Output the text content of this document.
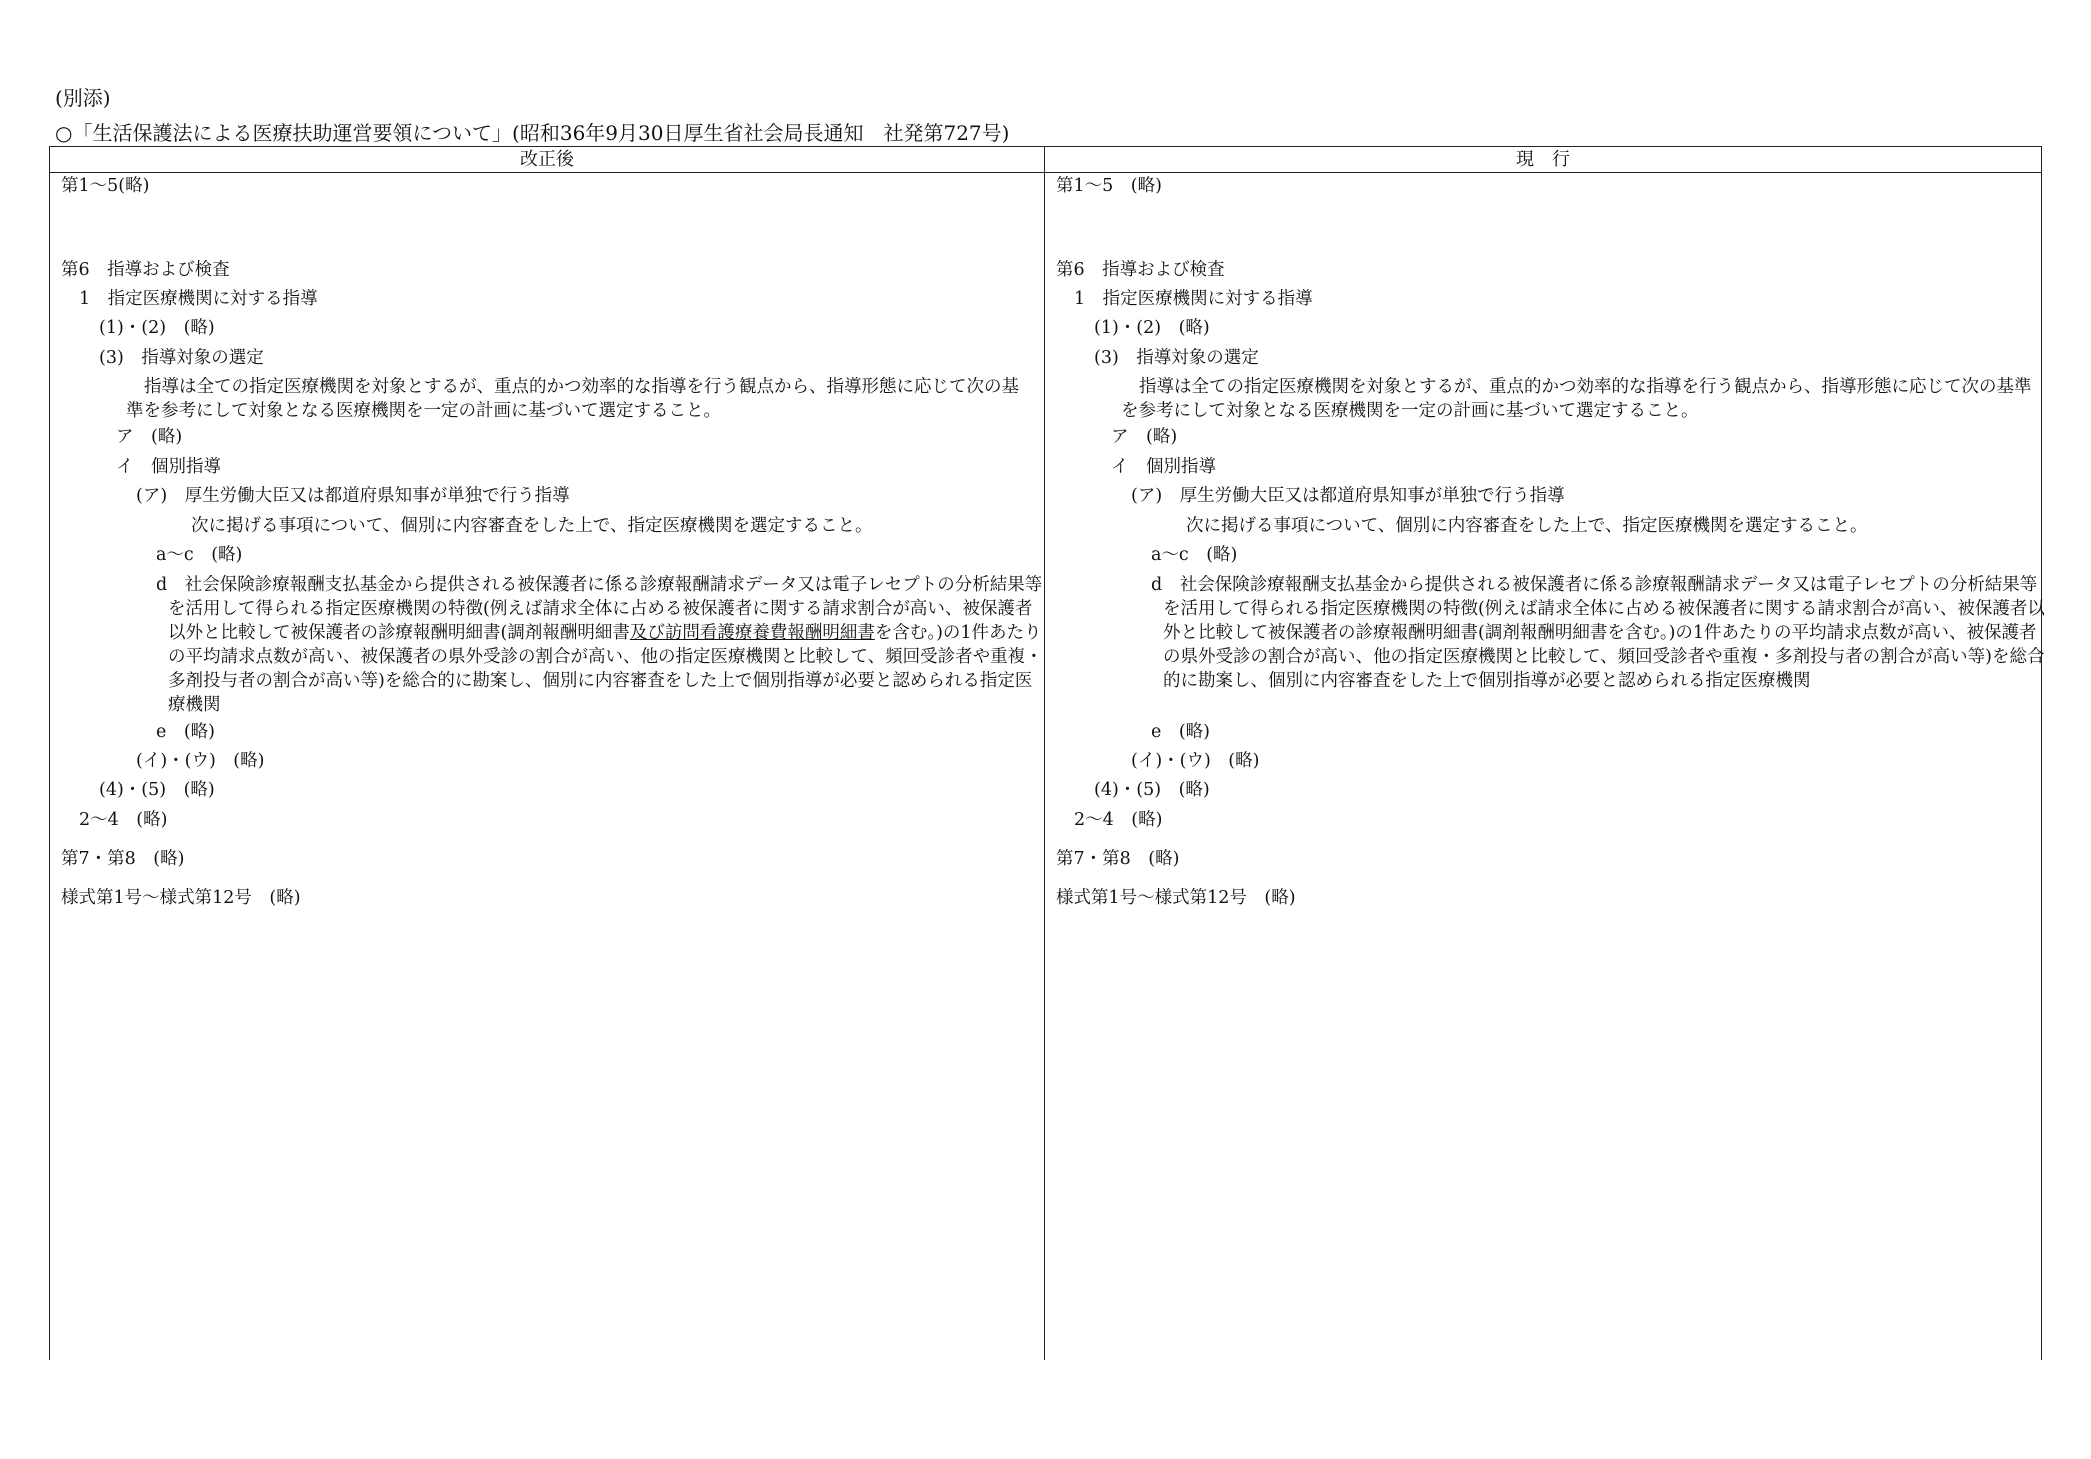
(別添)
○「生活保護法による医療扶助運営要領について」(昭和36年9月30日厚生省社会局長通知　社発第727号)
改正後	現　行
第1～5(略)
第6　指導および検査
1　指定医療機関に対する指導
(1)・(2)　(略)
(3)　指導対象の選定
指導は全ての指定医療機関を対象とするが、重点的かつ効率的な指導を行う観点から、指導形態に応じて次の基準を参考にして対象となる医療機関を一定の計画に基づいて選定すること。
ア　(略)
イ　個別指導
(ア)　厚生労働大臣又は都道府県知事が単独で行う指導
次に掲げる事項について、個別に内容審査をした上で、指定医療機関を選定すること。
a～c　(略)
d　社会保険診療報酬支払基金から提供される被保護者に係る診療報酬請求データ又は電子レセプトの分析結果等を活用して得られる指定医療機関の特徴(例えば請求全体に占める被保護者に関する請求割合が高い、被保護者以外と比較して被保護者の診療報酬明細書(調剤報酬明細書及び訪問看護療養費報酬明細書を含む。)の1件あたりの平均請求点数が高い、被保護者の県外受診の割合が高い、他の指定医療機関と比較して、頻回受診者や重複・多剤投与者の割合が高い等)を総合的に勘案し、個別に内容審査をした上で個別指導が必要と認められる指定医療機関
e　(略)
(イ)・(ウ)　(略)
(4)・(5)　(略)
2～4　(略)
第7・第8　(略)
様式第1号～様式第12号　(略)
第1～5　(略)
第6　指導および検査
1　指定医療機関に対する指導
(1)・(2)　(略)
(3)　指導対象の選定
指導は全ての指定医療機関を対象とするが、重点的かつ効率的な指導を行う観点から、指導形態に応じて次の基準を参考にして対象となる医療機関を一定の計画に基づいて選定すること。
ア　(略)
イ　個別指導
(ア)　厚生労働大臣又は都道府県知事が単独で行う指導
次に掲げる事項について、個別に内容審査をした上で、指定医療機関を選定すること。
a～c　(略)
d　社会保険診療報酬支払基金から提供される被保護者に係る診療報酬請求データ又は電子レセプトの分析結果等を活用して得られる指定医療機関の特徴(例えば請求全体に占める被保護者に関する請求割合が高い、被保護者以外と比較して被保護者の診療報酬明細書(調剤報酬明細書を含む。)の1件あたりの平均請求点数が高い、被保護者の県外受診の割合が高い、他の指定医療機関と比較して、頻回受診者や重複・多剤投与者の割合が高い等)を総合的に勘案し、個別に内容審査をした上で個別指導が必要と認められる指定医療機関
e　(略)
(イ)・(ウ)　(略)
(4)・(5)　(略)
2～4　(略)
第7・第8　(略)
様式第1号～様式第12号　(略)
